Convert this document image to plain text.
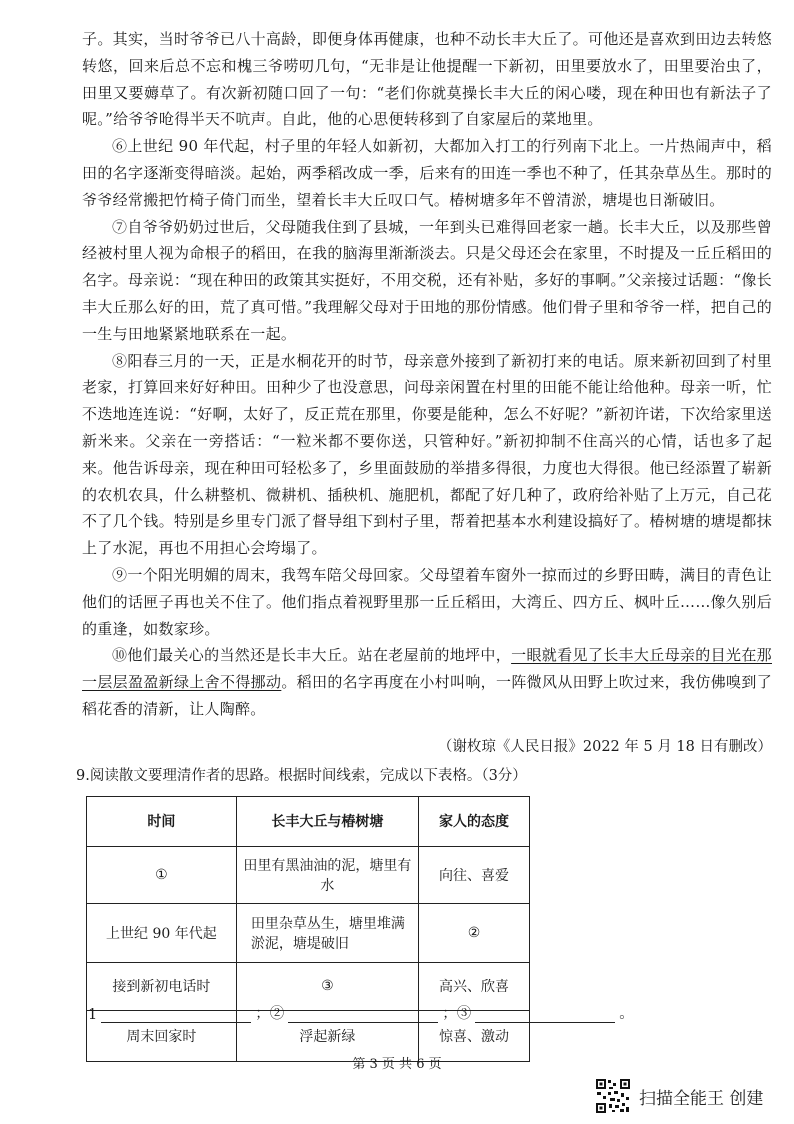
子。其实，当时爷爷已八十高龄，即便身体再健康，也种不动长丰大丘了。可他还是喜欢到田边去转悠转悠，回来后总不忘和槐三爷唠叨几句，“无非是让他提醒一下新初，田里要放水了，田里要治虫了，田里又要薅草了。有次新初随口回了一句：“老们你就莫操长丰大丘的闲心喽，现在种田也有新法子了呢。”给爷爷呛得半天不吭声。自此，他的心思便转移到了自家屋后的菜地里。

⑥上世纪 90 年代起，村子里的年轻人如新初，大都加入打工的行列南下北上。一片热闹声中，稻田的名字逐渐变得暗淡。起始，两季稻改成一季，后来有的田连一季也不种了，任其杂草丛生。那时的爷爷经常搬把竹椅子倚门而坐，望着长丰大丘叹口气。椿树塘多年不曾清淤，塘堤也日渐破旧。

⑦自爷爷奶奶过世后，父母随我住到了县城，一年到头已难得回老家一趟。长丰大丘，以及那些曾经被村里人视为命根子的稻田，在我的脑海里渐渐淡去。只是父母还会在家里，不时提及一丘丘稻田的名字。母亲说：“现在种田的政策其实挺好，不用交税，还有补贴，多好的事啊。”父亲接过话题：“像长丰大丘那么好的田，荒了真可惜。”我理解父母对于田地的那份情感。他们骨子里和爷爷一样，把自己的一生与田地紧紧地联系在一起。

⑧阳春三月的一天，正是水桐花开的时节，母亲意外接到了新初打来的电话。原来新初回到了村里老家，打算回来好好种田。田种少了也没意思，问母亲闲置在村里的田能不能让给他种。母亲一听，忙不迭地连连说：“好啊，太好了，反正荒在那里，你要是能种，怎么不好呢？”新初许诺，下次给家里送新米来。父亲在一旁搭话：“一粒米都不要你送，只管种好。”新初抑制不住高兴的心情，话也多了起来。他告诉母亲，现在种田可轻松多了，乡里面鼓励的举措多得很，力度也大得很。他已经添置了崭新的农机农具，什么耕整机、微耕机、插秧机、施肥机，都配了好几种了，政府给补贴了上万元，自己花不了几个钱。特别是乡里专门派了督导组下到村子里，帮着把基本水利建设搞好了。椿树塘的塘堤都抹上了水泥，再也不用担心会垮塌了。

⑨一个阳光明媚的周末，我驾车陪父母回家。父母望着车窗外一掠而过的乡野田畴，满目的青色让他们的话匣子再也关不住了。他们指点着视野里那一丘丘稻田，大湾丘、四方丘、枫叶丘……像久别后的重逢，如数家珍。

⑩他们最关心的当然还是长丰大丘。站在老屋前的地坪中，一眼就看见了长丰大丘母亲的目光在那一层层盈盈新绿上舍不得挪动。稻田的名字再度在小村叫响，一阵微风从田野上吹过来，我仿佛嗅到了稻花香的清新，让人陶醉。

（谢枚琼《人民日报》2022 年 5 月 18 日有删改）
9.阅读散文要理清作者的思路。根据时间线索，完成以下表格。（3分）
时间	长丰大丘与椿树塘	家人的态度
①	田里有黑油油的泥，塘里有水	向往、喜爱
上世纪 90 年代起	田里杂草丛生，塘里堆满淤泥，塘堤破旧	②
接到新初电话时	③	高兴、欣喜
周末回家时	浮起新绿	惊喜、激动
1	；②	；③	。
第 3 页 共 6 页
扫描全能王 创建
